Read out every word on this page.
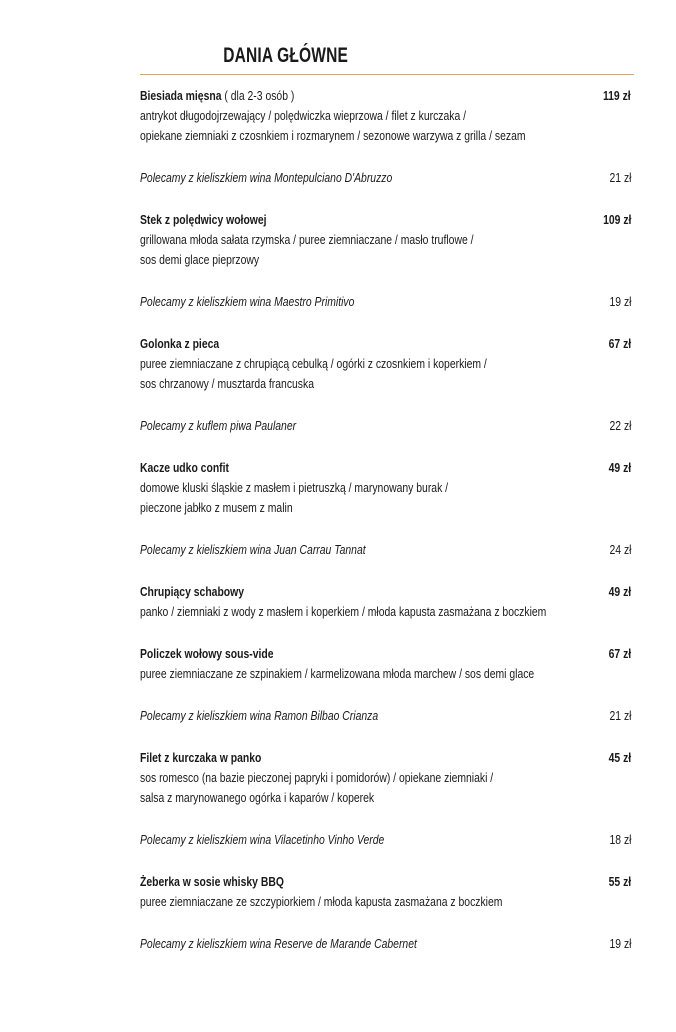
DANIA GŁÓWNE
Biesiada mięsna ( dla 2-3 osób )	119 zł
antrykot długodojrzewający / polędwiczka wieprzowa / filet z kurczaka /
opiekane ziemniaki z czosnkiem i rozmarynem / sezonowe warzywa z grilla / sezam
Polecamy z kieliszkiem wina Montepulciano D'Abruzzo	21 zł
Stek z polędwicy wołowej	109 zł
grillowana młoda sałata rzymska / puree ziemniaczane / masło truflowe /
sos demi glace pieprzowy
Polecamy z kieliszkiem wina Maestro Primitivo	19 zł
Golonka z pieca	67 zł
puree ziemniaczane z chrupiącą cebulką / ogórki z czosnkiem i koperkiem /
sos chrzanowy / musztarda francuska
Polecamy z kuflem piwa Paulaner	22 zł
Kacze udko confit	49 zł
domowe kluski śląskie z masłem i pietruszką / marynowany burak /
pieczone jabłko z musem z malin
Polecamy z kieliszkiem wina Juan Carrau Tannat	24 zł
Chrupiący schabowy	49 zł
panko / ziemniaki z wody z masłem i koperkiem / młoda kapusta zasmażana z boczkiem
Policzek wołowy sous-vide	67 zł
puree ziemniaczane ze szpinakiem / karmelizowana młoda marchew / sos demi glace
Polecamy z kieliszkiem wina Ramon Bilbao Crianza	21 zł
Filet z kurczaka w panko	45 zł
sos romesco (na bazie pieczonej papryki i pomidorów) / opiekane ziemniaki /
salsa z marynowanego ogórka i kaparów / koperek
Polecamy z kieliszkiem wina Vilacetinho Vinho Verde	18 zł
Żeberka w sosie whisky BBQ	55 zł
puree ziemniaczane ze szczypiorkiem / młoda kapusta zasmażana z boczkiem
Polecamy z kieliszkiem wina Reserve de Marande Cabernet	19 zł
